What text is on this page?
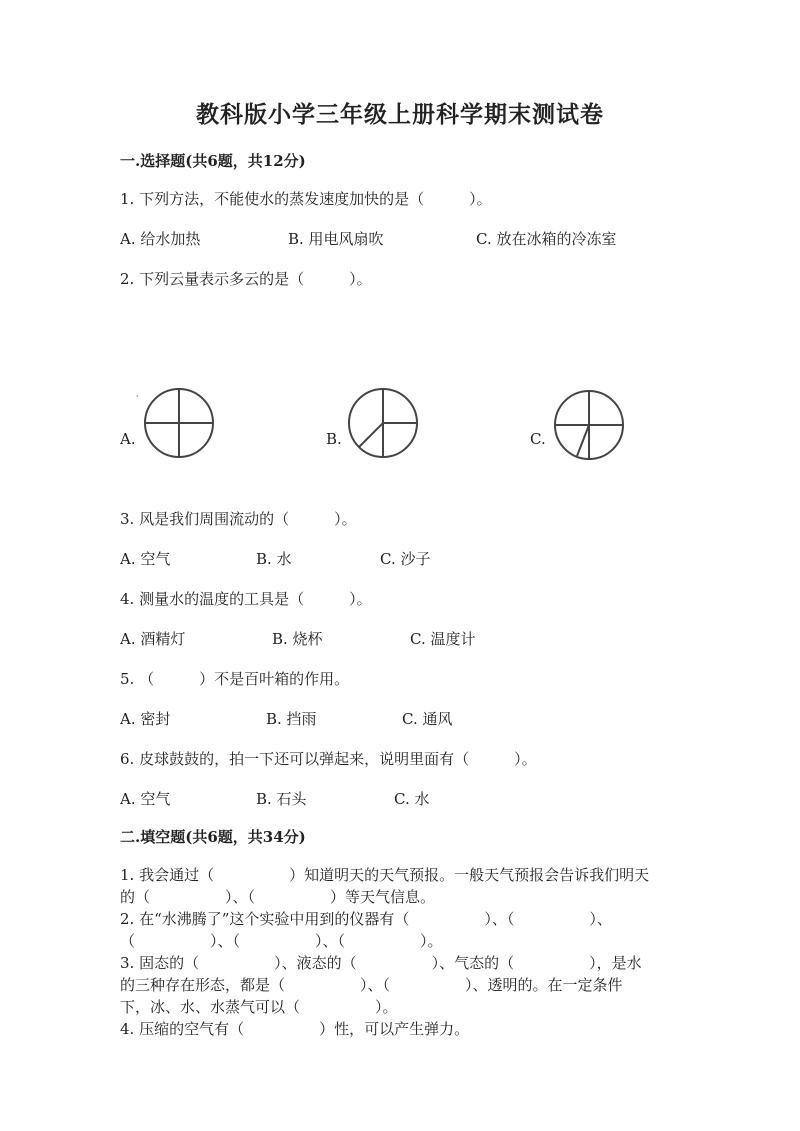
教科版小学三年级上册科学期末测试卷
一.选择题(共6题，共12分)
1. 下列方法，不能使水的蒸发速度加快的是（　　　）。
A. 给水加热	B. 用电风扇吹	C. 放在冰箱的冷冻室
2. 下列云量表示多云的是（　　　）。
A.
·
B.	C.
3. 风是我们周围流动的（　　　）。
A. 空气	B. 水	C. 沙子
4. 测量水的温度的工具是（　　　）。
A. 酒精灯	B. 烧杯	C. 温度计
5. （　　　）不是百叶箱的作用。
A. 密封	B. 挡雨	C. 通风
6. 皮球鼓鼓的，拍一下还可以弹起来，说明里面有（　　　）。
A. 空气	B. 石头	C. 水
二.填空题(共6题，共34分)
1. 我会通过（　　　　　）知道明天的天气预报。一般天气预报会告诉我们明天
的（　　　　　）、（　　　　　）等天气信息。
2. 在“水沸腾了”这个实验中用到的仪器有（　　　　　）、（　　　　　）、
（　　　　　）、（　　　　　）、（　　　　　）。
3. 固态的（　　　　　）、液态的（　　　　　）、气态的（　　　　　），是水
的三种存在形态，都是（　　　　　）、（　　　　　）、透明的。在一定条件
下，冰、水、水蒸气可以（　　　　　）。
4. 压缩的空气有（　　　　　）性，可以产生弹力。
